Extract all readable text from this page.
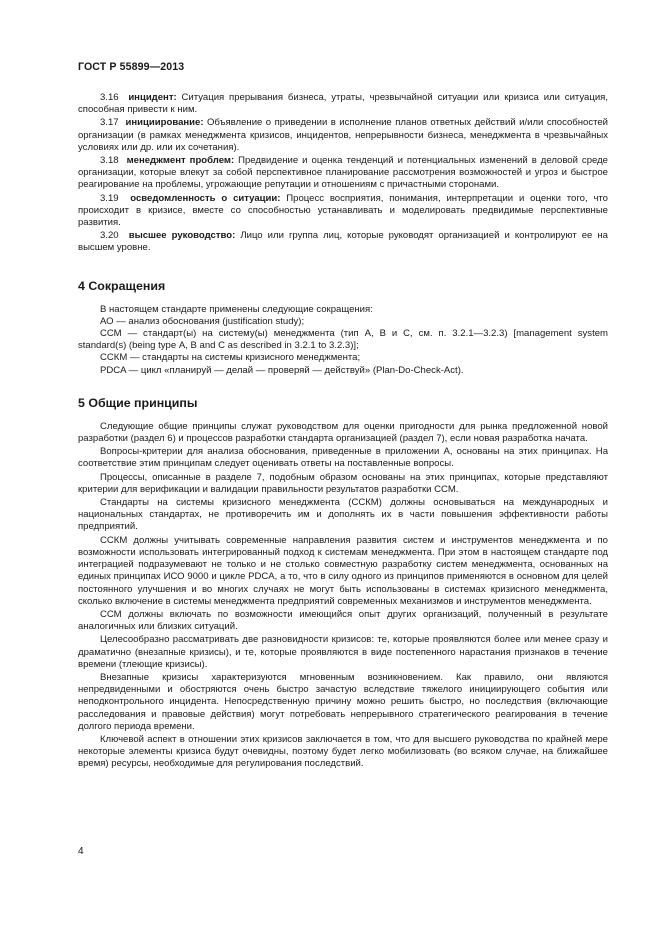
ГОСТ Р 55899—2013

3.16 инцидент: Ситуация прерывания бизнеса, утраты, чрезвычайной ситуации или кризиса или ситуация, способная привести к ним.

3.17 инициирование: Объявление о приведении в исполнение планов ответных действий и/или способностей организации (в рамках менеджмента кризисов, инцидентов, непрерывности бизнеса, менеджмента в чрезвычайных условиях или др. или их сочетания).

3.18 менеджмент проблем: Предвидение и оценка тенденций и потенциальных изменений в деловой среде организации, которые влекут за собой перспективное планирование рассмотрения возможностей и угроз и быстрое реагирование на проблемы, угрожающие репутации и отношениям с причастными сторонами.

3.19 осведомленность о ситуации: Процесс восприятия, понимания, интерпретации и оценки того, что происходит в кризисе, вместе со способностью устанавливать и моделировать предвидимые перспективные развития.

3.20 высшее руководство: Лицо или группа лиц, которые руководят организацией и контролируют ее на высшем уровне.

4 Сокращения

В настоящем стандарте применены следующие сокращения:

АО — анализ обоснования (justification study);

ССМ — стандарт(ы) на систему(ы) менеджмента (тип А, В и С, см. п. 3.2.1—3.2.3) [management system standard(s) (being type А, В and С as described in 3.2.1 to 3.2.3)];

ССКМ — стандарты на системы кризисного менеджмента;

PDCA — цикл «планируй — делай — проверяй — действуй» (Plan-Do-Check-Act).

5 Общие принципы

Следующие общие принципы служат руководством для оценки пригодности для рынка предложенной новой разработки (раздел 6) и процессов разработки стандарта организацией (раздел 7), если новая разработка начата.

Вопросы-критерии для анализа обоснования, приведенные в приложении А, основаны на этих принципах. На соответствие этим принципам следует оценивать ответы на поставленные вопросы.

Процессы, описанные в разделе 7, подобным образом основаны на этих принципах, которые представляют критерии для верификации и валидации правильности результатов разработки ССМ.

Стандарты на системы кризисного менеджмента (ССКМ) должны основываться на международных и национальных стандартах, не противоречить им и дополнять их в части повышения эффективности работы предприятий.

ССКМ должны учитывать современные направления развития систем и инструментов менеджмента и по возможности использовать интегрированный подход к системам менеджмента. При этом в настоящем стандарте под интеграцией подразумевают не только и не столько совместную разработку систем менеджмента, основанных на единых принципах ИСО 9000 и цикле PDCA, а то, что в силу одного из принципов применяются в основном для целей постоянного улучшения и во многих случаях не могут быть использованы в системах кризисного менеджмента, сколько включение в системы менеджмента предприятий современных механизмов и инструментов менеджмента.

ССМ должны включать по возможности имеющийся опыт других организаций, полученный в результате аналогичных или близких ситуаций.

Целесообразно рассматривать две разновидности кризисов: те, которые проявляются более или менее сразу и драматично (внезапные кризисы), и те, которые проявляются в виде постепенного нарастания признаков в течение времени (тлеющие кризисы).

Внезапные кризисы характеризуются мгновенным возникновением. Как правило, они являются непредвиденными и обостряются очень быстро зачастую вследствие тяжелого инициирующего события или неподконтрольного инцидента. Непосредственную причину можно решить быстро, но последствия (включающие расследования и правовые действия) могут потребовать непрерывного стратегического реагирования в течение долгого периода времени.

Ключевой аспект в отношении этих кризисов заключается в том, что для высшего руководства по крайней мере некоторые элементы кризиса будут очевидны, поэтому будет легко мобилизовать (во всяком случае, на ближайшее время) ресурсы, необходимые для регулирования последствий.

4
